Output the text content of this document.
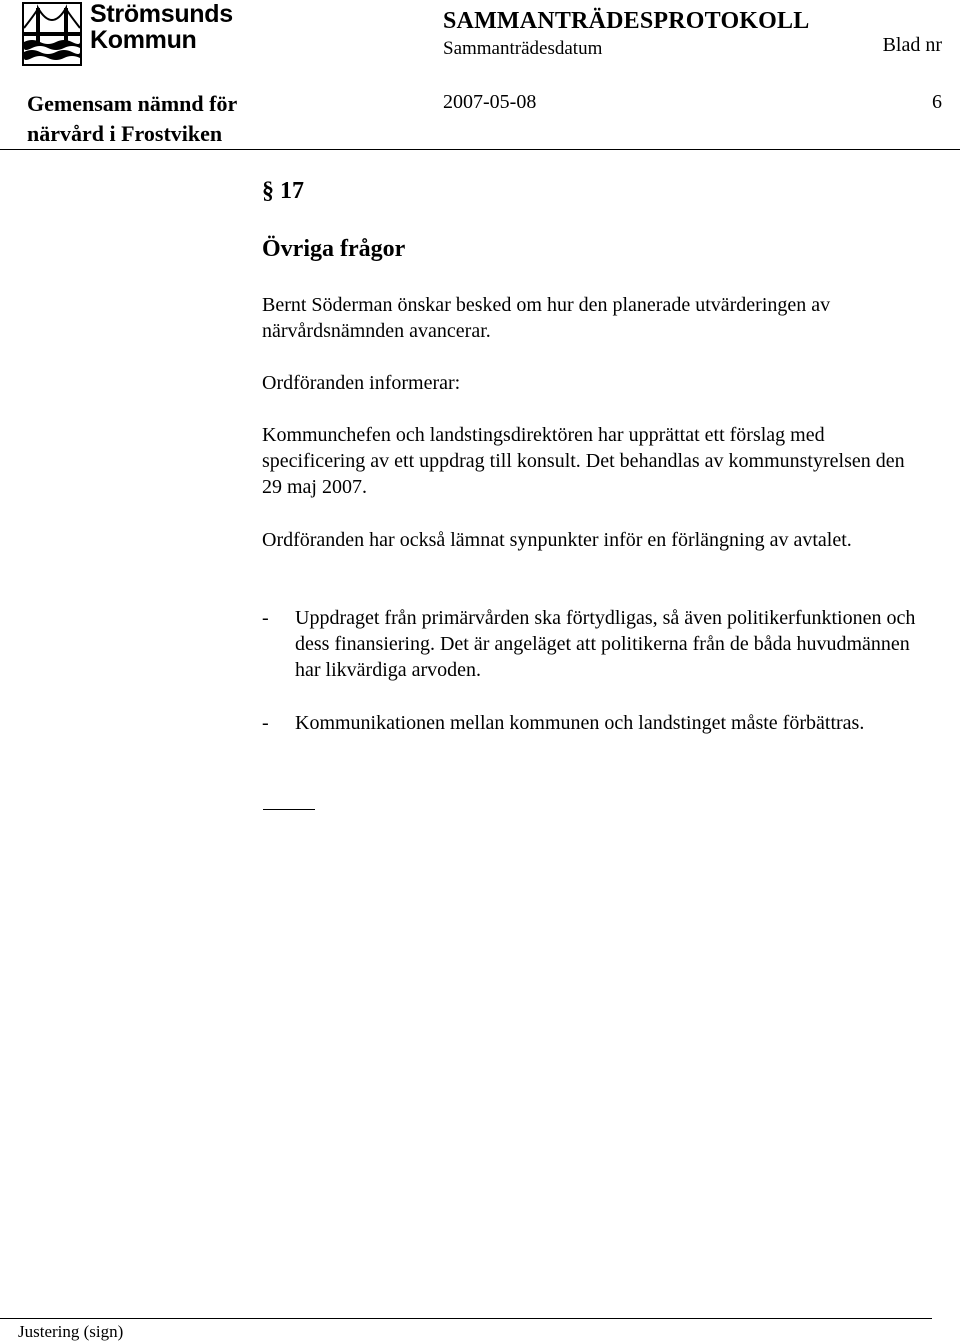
Strömsunds
Kommun
SAMMANTRÄDESPROTOKOLL
Sammanträdesdatum	Blad nr
Gemensam nämnd för
närvård i Frostviken
2007-05-08	6
§ 17
Övriga frågor

Bernt Söderman önskar besked om hur den planerade utvärderingen av närvårdsnämnden avancerar.

Ordföranden informerar:

Kommunchefen och landstingsdirektören har upprättat ett förslag med specificering av ett uppdrag till konsult. Det behandlas av kommunstyrelsen den 29 maj 2007.

Ordföranden har också lämnat synpunkter inför en förlängning av avtalet.

- Uppdraget från primärvården ska förtydligas, så även politikerfunktionen och dess finansiering. Det är angeläget att politikerna från de båda huvudmännen har likvärdiga arvoden.
- Kommunikationen mellan kommunen och landstinget måste förbättras.
Justering (sign)
